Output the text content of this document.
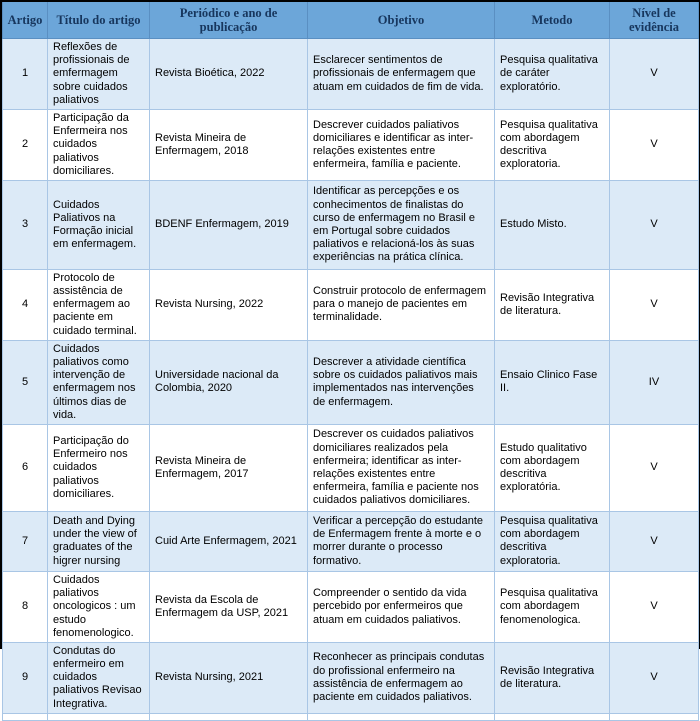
Artigo	Título do artigo	Periódico e ano de publicação	Objetivo	Metodo	Nível de evidência
1	Reflexões de profissionais de emfermagem sobre cuidados paliativos	Revista Bioética, 2022	Esclarecer sentimentos de profissionais de enfermagem que atuam em cuidados de fim de vida.	Pesquisa qualitativa de caráter exploratório.	V
2	Participação da Enfermeira nos cuidados paliativos domiciliares.	Revista Mineira de Enfermagem, 2018	Descrever cuidados paliativos domiciliares e identificar as inter-relações existentes entre enfermeira, família e paciente.	Pesquisa qualitativa com abordagem descritiva exploratoria.	V
3	Cuidados Paliativos na Formação inicial em enfermagem.	BDENF Enfermagem, 2019	Identificar as percepções e os conhecimentos de finalistas do curso de enfermagem no Brasil e em Portugal sobre cuidados paliativos e relacioná-los às suas experiências na prática clínica.	Estudo Misto.	V
4	Protocolo de assistência de enfermagem ao paciente em cuidado terminal.	Revista Nursing, 2022	Construir protocolo de enfermagem para o manejo de pacientes em terminalidade.	Revisão Integrativa de literatura.	V
5	Cuidados paliativos como intervenção de enfermagem nos últimos dias de vida.	Universidade nacional da Colombia, 2020	Descrever a atividade científica sobre os cuidados paliativos mais implementados nas intervenções de enfermagem.	Ensaio Clinico Fase II.	IV
6	Participação do Enfermeiro nos cuidados paliativos domiciliares.	Revista Mineira de Enfermagem, 2017	Descrever os cuidados paliativos domiciliares realizados pela enfermeira; identificar as inter-relações existentes entre enfermeira, família e paciente nos cuidados paliativos domiciliares.	Estudo qualitativo com abordagem descritiva exploratória.	V
7	Death and Dying under the view of graduates of the higrer nursing	Cuid Arte Enfermagem, 2021	Verificar a percepção do estudante de Enfermagem frente à morte e o morrer durante o processo formativo.	Pesquisa qualitativa com abordagem descritiva exploratoria.	V
8	Cuidados paliativos oncologicos : um estudo fenomenologico.	Revista da Escola de Enfermagem da USP, 2021	Compreender o sentido da vida percebido por enfermeiros que atuam em cuidados paliativos.	Pesquisa qualitativa com abordagem fenomenologica.	V
9	Condutas do enfermeiro em cuidados paliativos Revisao Integrativa.	Revista Nursing, 2021	Reconhecer as principais condutas do profissional enfermeiro na assistência de enfermagem ao paciente em cuidados paliativos.	Revisão Integrativa de literatura.	V
